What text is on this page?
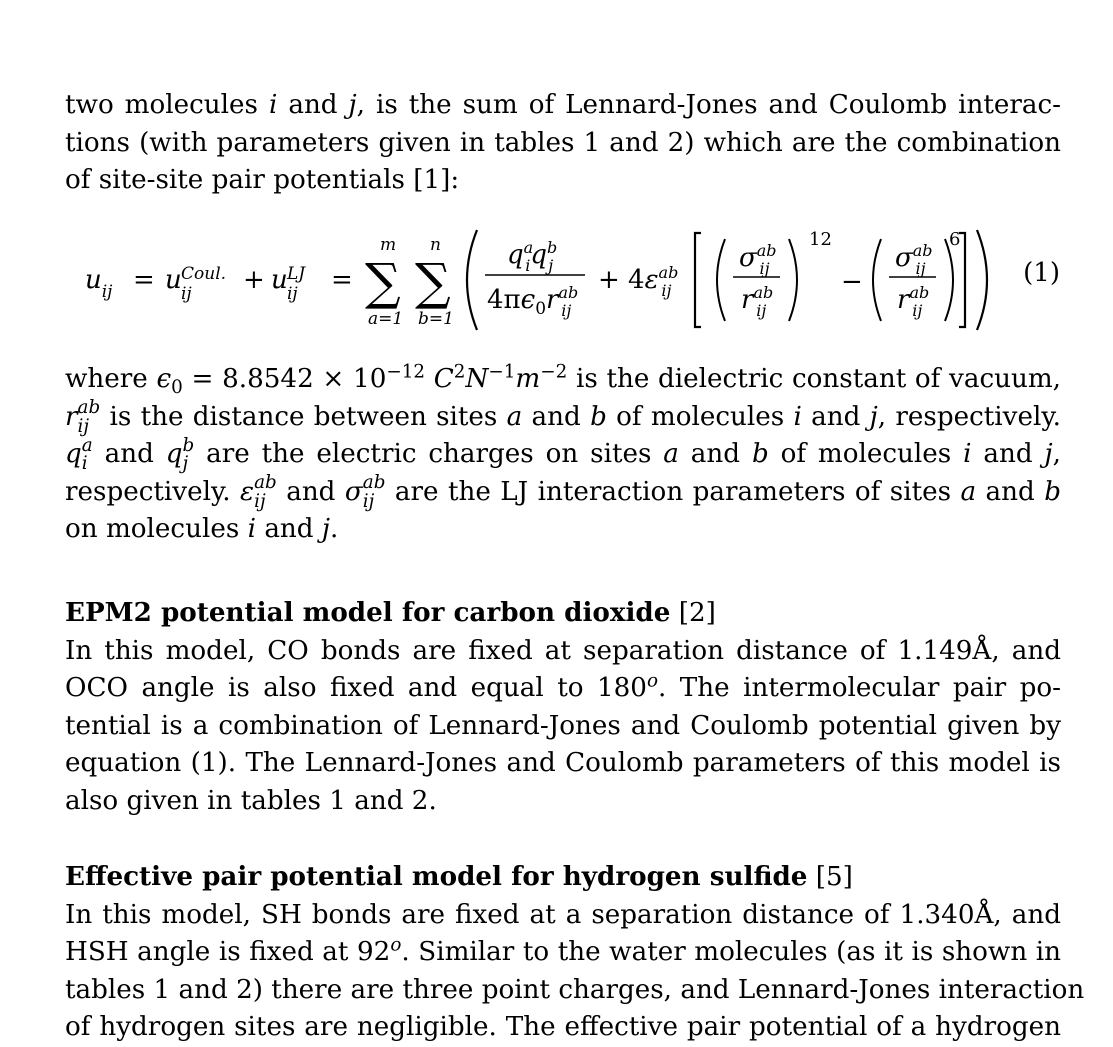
two molecules i and j, is the sum of Lennard-Jones and Coulomb interac-
tions (with parameters given in tables 1 and 2) which are the combination
of site-site pair potentials [1]:
$u_{ij} = u$ Coul.
ij + u LJ
ij =
m
∑
a=1
n
∑
b=1
$q^a$ $iq^b$ j
$4\pi\epsilon_0r^{ab}$ ij
+ $4\varepsilon^{ab}$ ij
$\sigma^{ab}$ ij
$r^{ab}$ ij
12
−
$\sigma^{ab}$ ij
$r^{ab}$ ij
6
(1)
where $\epsilon_0 = 8.8542 \times 10^{-12}$ $C^2N^{-1}m^{-2}$ is the dielectric constant of vacuum,
r ab
ij is the distance between sites a and b of molecules i and j, respectively.
q a
i and q b
j are the electric charges on sites a and b of molecules i and j,
respectively. ε ab
ij and σ ab
ij are the LJ interaction parameters of sites a and b
on molecules i and j.
EPM2 potential model for carbon dioxide [2]
In this model, CO bonds are fixed at separation distance of 1.149Å, and
OCO angle is also fixed and equal to 180$^o$. The intermolecular pair po-
tential is a combination of Lennard-Jones and Coulomb potential given by
equation (1). The Lennard-Jones and Coulomb parameters of this model is
also given in tables 1 and 2.
Effective pair potential model for hydrogen sulfide [5]
In this model, SH bonds are fixed at a separation distance of 1.340Å, and
HSH angle is fixed at 92$^o$. Similar to the water molecules (as it is shown in
tables 1 and 2) there are three point charges, and Lennard-Jones interaction
of hydrogen sites are negligible. The effective pair potential of a hydrogen
